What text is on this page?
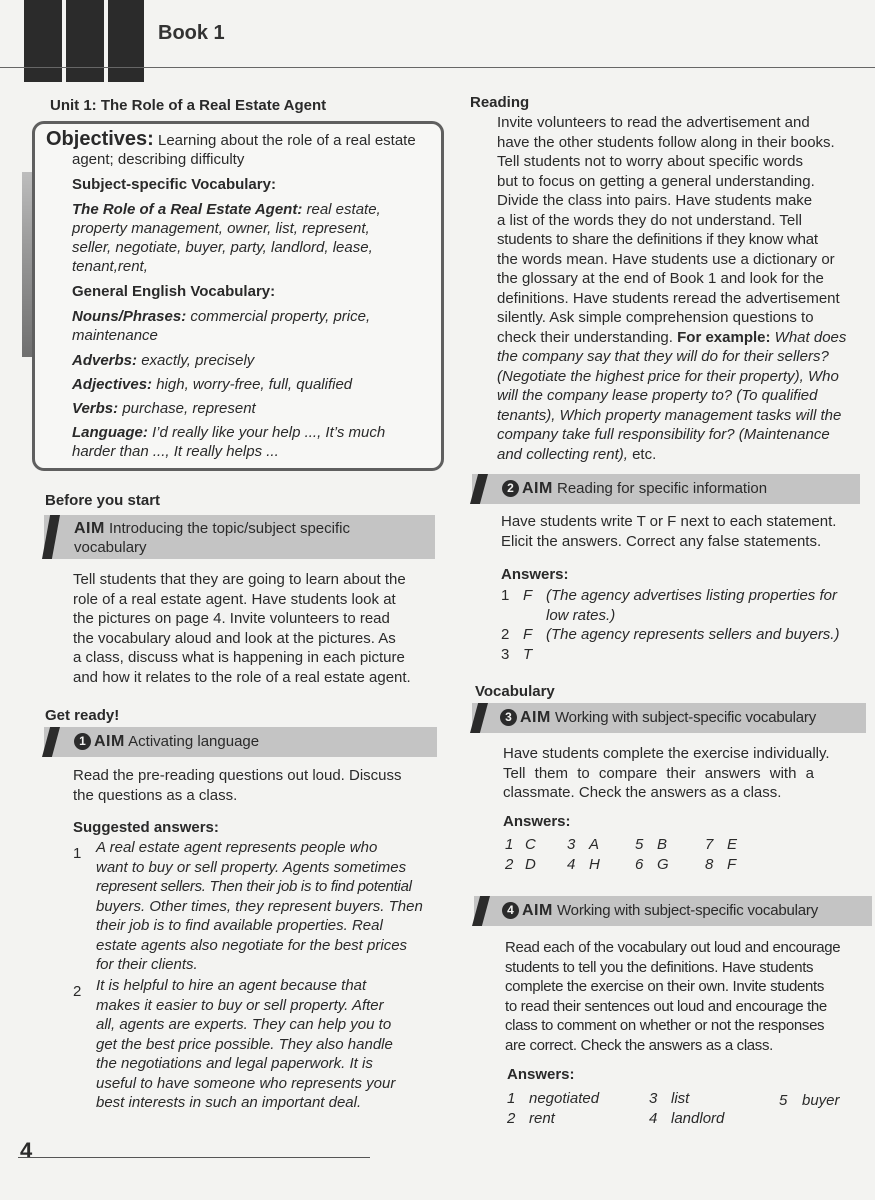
Book 1
Unit 1: The Role of a Real Estate Agent

Objectives: Learning about the role of a real estate

agent; describing difficulty

Subject-specific Vocabulary:

The Role of a Real Estate Agent: real estate,

property management, owner, list, represent,

seller, negotiate, buyer, party, landlord, lease,

tenant,rent,

General English Vocabulary:

Nouns/Phrases: commercial property, price,

maintenance

Adverbs: exactly, precisely

Adjectives: high, worry-free, full, qualified

Verbs: purchase, represent

Language: I’d really like your help ..., It’s much

harder than ..., It really helps ...

Before you start
AIM Introducing the topic/subject specific
vocabulary
Tell students that they are going to learn about the
role of a real estate agent. Have students look at
the pictures on page 4. Invite volunteers to read
the vocabulary aloud and look at the pictures. As
a class, discuss what is happening in each picture
and how it relates to the role of a real estate agent.
Get ready!
1 AIM Activating language
Read the pre-reading questions out loud. Discuss
the questions as a class.
Suggested answers:
1 A real estate agent represents people who
want to buy or sell property. Agents sometimes
represent sellers. Then their job is to find potential
buyers. Other times, they represent buyers. Then
their job is to find available properties. Real
estate agents also negotiate for the best prices
for their clients.
2 It is helpful to hire an agent because that
makes it easier to buy or sell property. After
all, agents are experts. They can help you to
get the best price possible. They also handle
the negotiations and legal paperwork. It is
useful to have someone who represents your
best interests in such an important deal.
4
Reading
Invite volunteers to read the advertisement and
have the other students follow along in their books.
Tell students not to worry about specific words
but to focus on getting a general understanding.
Divide the class into pairs. Have students make
a list of the words they do not understand. Tell
students to share the definitions if they know what
the words mean. Have students use a dictionary or
the glossary at the end of Book 1 and look for the
definitions. Have students reread the advertisement
silently. Ask simple comprehension questions to
check their understanding. For example: What does
the company say that they will do for their sellers?
(Negotiate the highest price for their property), Who
will the company lease property to? (To qualified
tenants), Which property management tasks will the
company take full responsibility for? (Maintenance
and collecting rent), etc.
2 AIM Reading for specific information
Have students write T or F next to each statement.
Elicit the answers. Correct any false statements.
Answers:
1 F (The agency advertises listing properties for
low rates.)
2 F (The agency represents sellers and buyers.)
3 T
Vocabulary
3 AIM Working with subject-specific vocabulary
Have students complete the exercise individually.
Tell them to compare their answers with a
classmate. Check the answers as a class.
Answers:
1 C
2 D
3 A
4 H
5 B
6 G
7 E
8 F
4 AIM Working with subject-specific vocabulary
Read each of the vocabulary out loud and encourage
students to tell you the definitions. Have students
complete the exercise on their own. Invite students
to read their sentences out loud and encourage the
class to comment on whether or not the responses
are correct. Check the answers as a class.
Answers:
1 negotiated
2 rent
3 list
4 landlord
5 buyer
